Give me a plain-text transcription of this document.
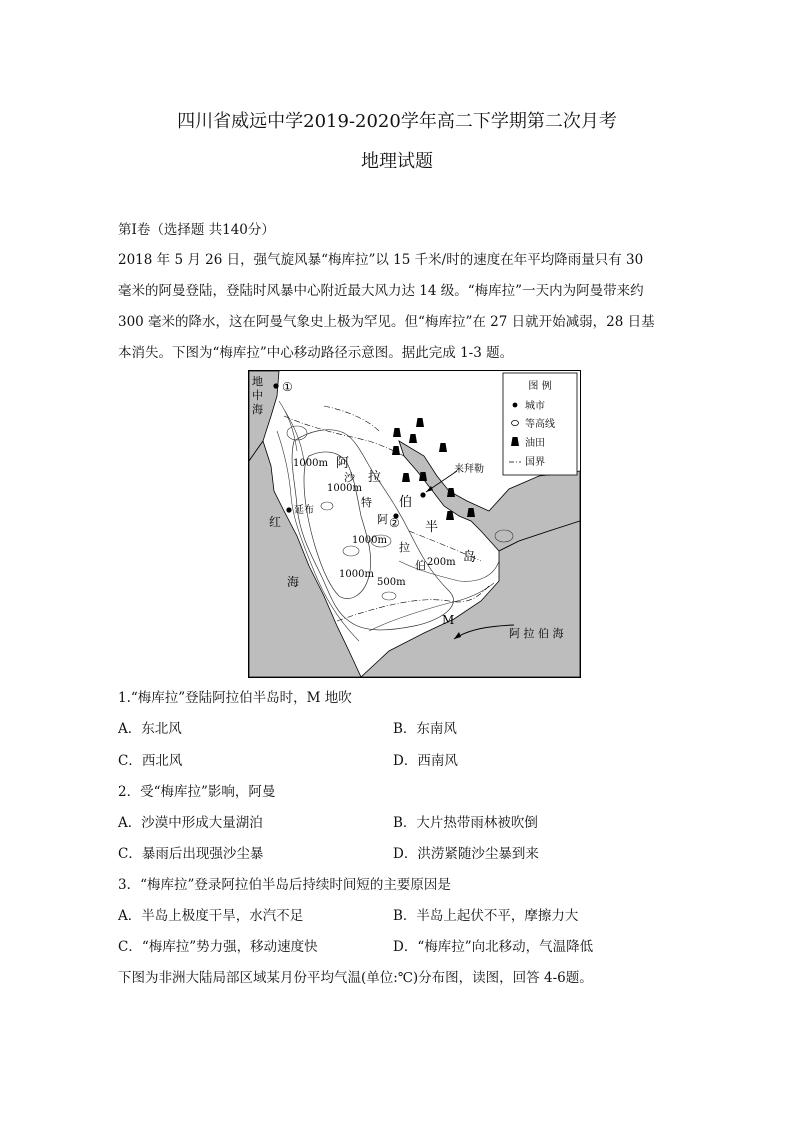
四川省威远中学2019-2020学年高二下学期第二次月考
地理试题
第Ⅰ卷（选择题 共140分）
2018 年 5 月 26 日，强气旋风暴“梅库拉”以 15 千米/时的速度在年平均降雨量只有 30
毫米的阿曼登陆，登陆时风暴中心附近最大风力达 14 级。“梅库拉”一天内为阿曼带来约
300 毫米的降水，这在阿曼气象史上极为罕见。但“梅库拉”在 27 日就开始减弱，28 日基
本消失。下图为“梅库拉”中心移动路径示意图。据此完成 1-3 题。
图 例
城市
等高线
油田
国界
地
中
海
①
红
海
延布
来拜勒
1000m
1000m
1000m
1000m
500m
200m
阿
拉
伯
半
岛
沙
特
阿
拉
伯
②
M
阿 拉 伯 海
1.“梅库拉”登陆阿拉伯半岛时，M 地吹
A．东北风	B．东南风
C．西北风	D．西南风
2．受“梅库拉”影响，阿曼
A．沙漠中形成大量湖泊	B．大片热带雨林被吹倒
C．暴雨后出现强沙尘暴	D．洪涝紧随沙尘暴到来
3．“梅库拉”登录阿拉伯半岛后持续时间短的主要原因是
A．半岛上极度干旱，水汽不足	B．半岛上起伏不平，摩擦力大
C．“梅库拉”势力强，移动速度快	D．“梅库拉”向北移动，气温降低
下图为非洲大陆局部区域某月份平均气温(单位:℃)分布图，读图，回答 4-6题。
